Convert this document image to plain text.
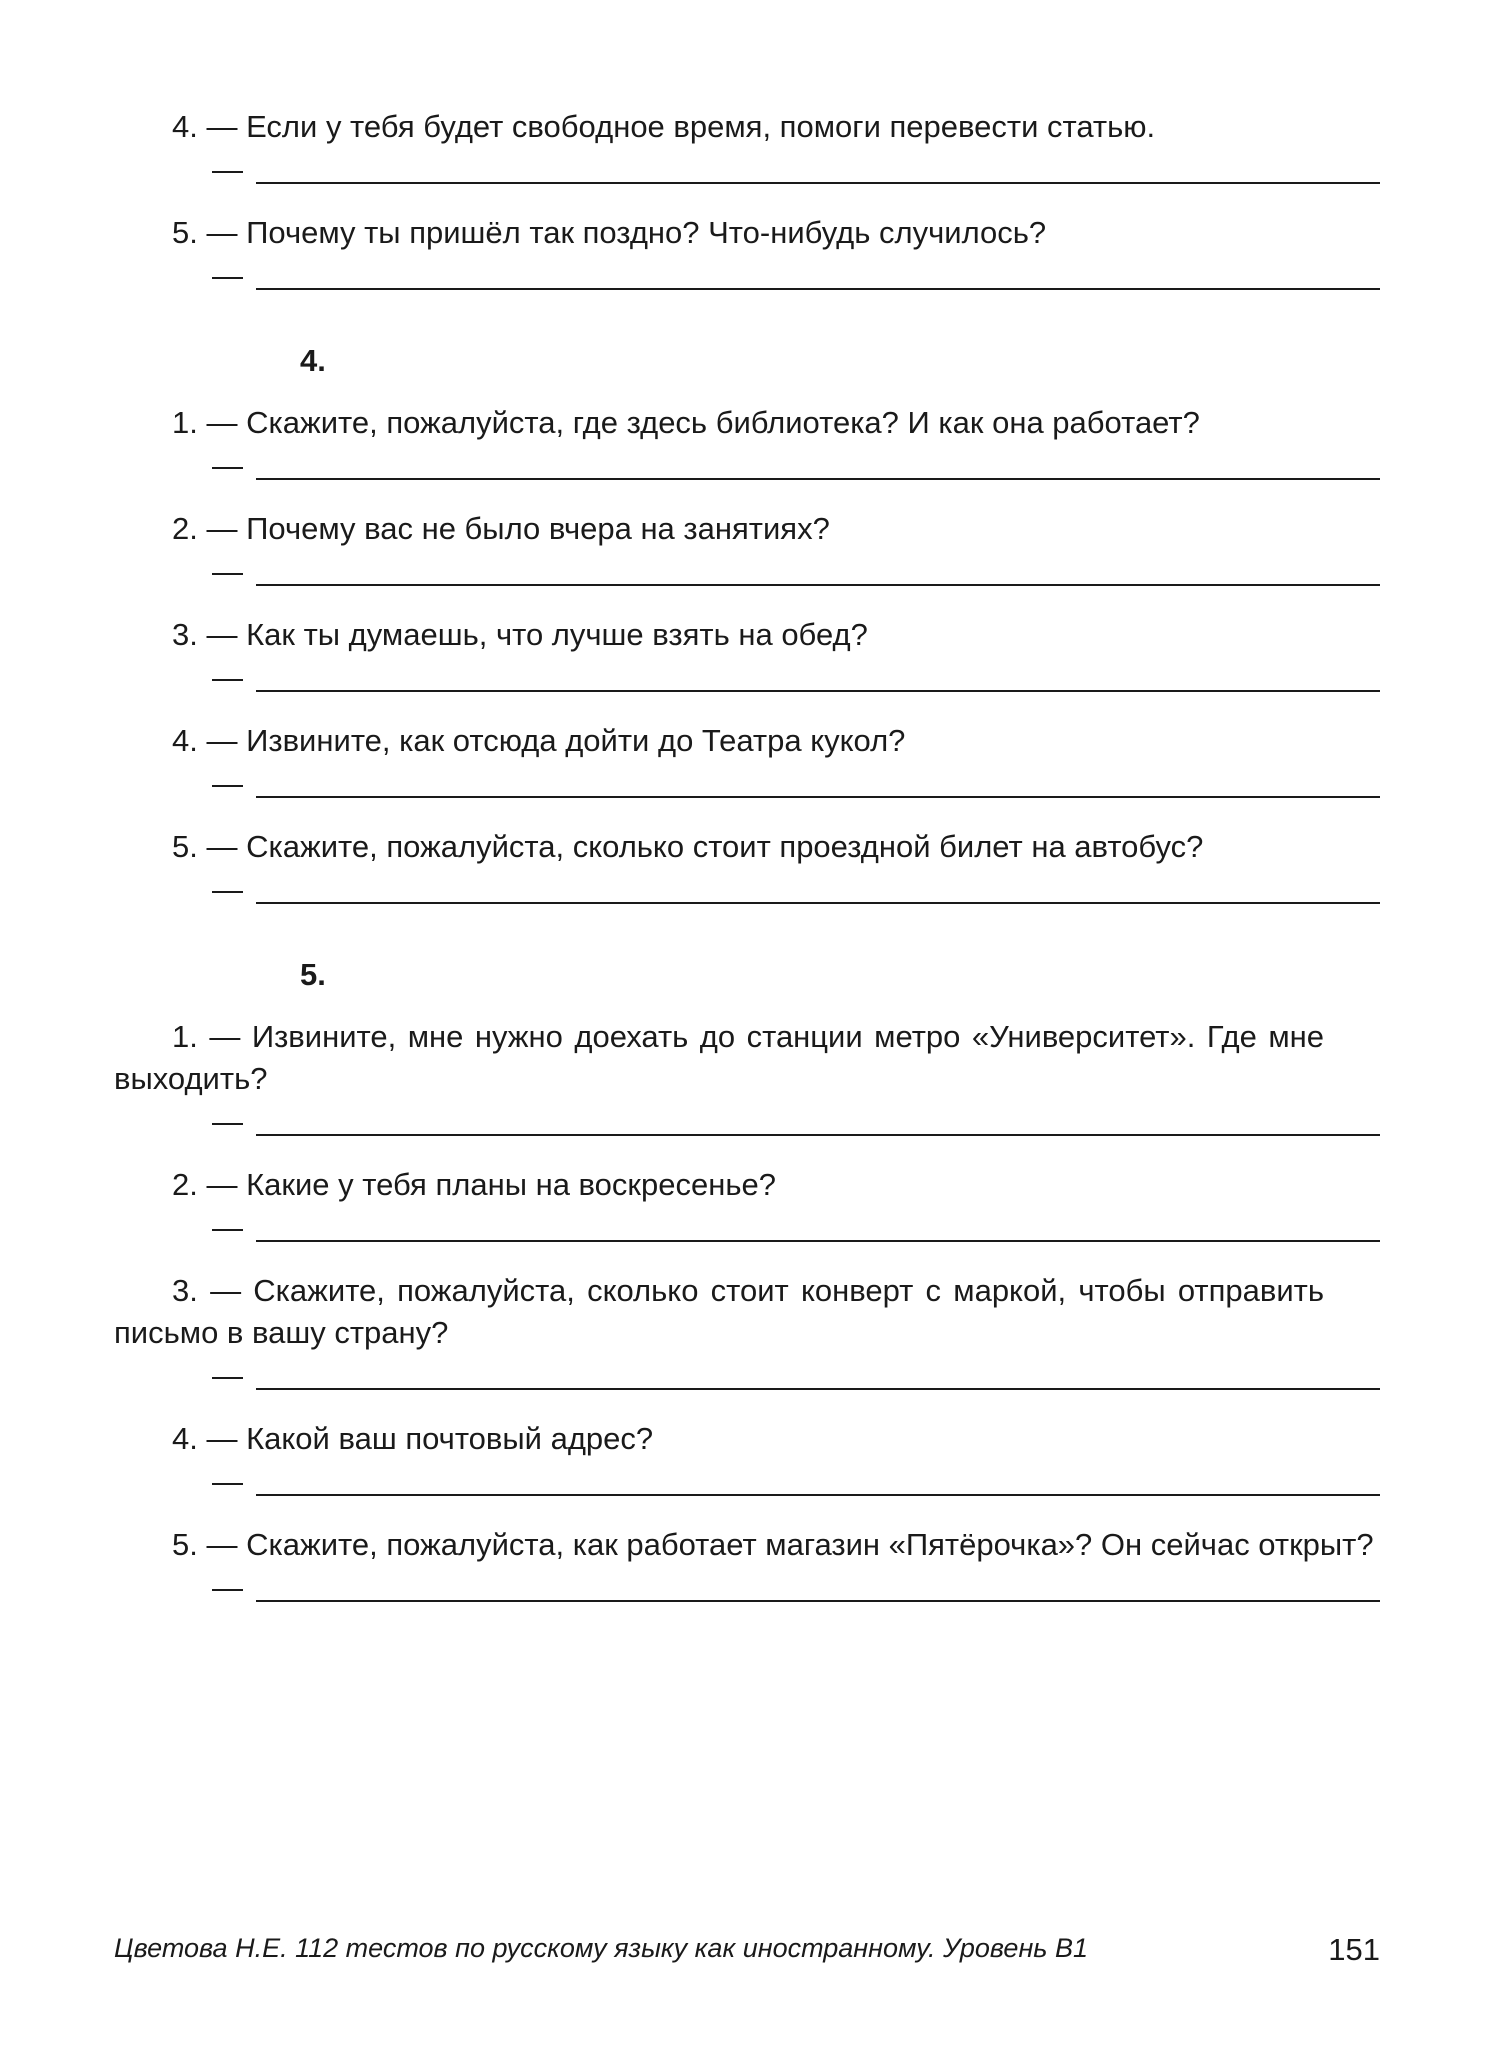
4. — Если у тебя будет свободное время, помоги перевести статью.
—
5. — Почему ты пришёл так поздно? Что-нибудь случилось?
—
4.
1. — Скажите, пожалуйста, где здесь библиотека? И как она работает?
—
2. — Почему вас не было вчера на занятиях?
—
3. — Как ты думаешь, что лучше взять на обед?
—
4. — Извините, как отсюда дойти до Театра кукол?
—
5. — Скажите, пожалуйста, сколько стоит проездной билет на автобус?
—
5.
1. — Извините, мне нужно доехать до станции метро «Университет». Где мне выходить?
—
2. — Какие у тебя планы на воскресенье?
—
3. — Скажите, пожалуйста, сколько стоит конверт с маркой, чтобы отправить письмо в вашу страну?
—
4. — Какой ваш почтовый адрес?
—
5. — Скажите, пожалуйста, как работает магазин «Пятёрочка»? Он сейчас открыт?
—
Цветова Н.Е. 112 тестов по русскому языку как иностранному. Уровень В1	151
